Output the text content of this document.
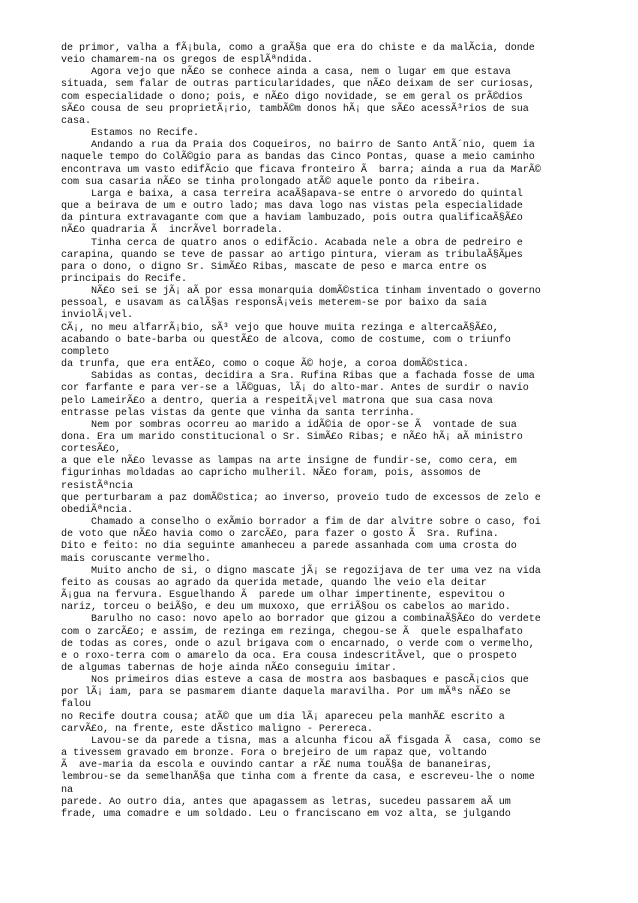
de primor, valha a fÃ¡bula, como a graÃ§a que era do chiste e da malÃcia, donde
veio chamarem-na os gregos de esplÃªndida.
Agora vejo que nÃ£o se conhece ainda a casa, nem o lugar em que estava
situada, sem falar de outras particularidades, que nÃ£o deixam de ser curiosas,
com especialidade o dono; pois, e nÃ£o digo novidade, se em geral os prÃ©dios
sÃ£o cousa de seu proprietÃ¡rio, tambÃ©m donos hÃ¡ que sÃ£o acessÃ³rios de sua
casa.
Estamos no Recife.
Andando a rua da Praia dos Coqueiros, no bairro de Santo AntÃ´nio, quem ia
naquele tempo do ColÃ©gio para as bandas das Cinco Pontas, quase a meio caminho
encontrava um vasto edifÃcio que ficava fronteiro Ã  barra; ainda a rua da MarÃ©
com sua casaria nÃ£o se tinha prolongado atÃ© aquele ponto da ribeira.
Larga e baixa, a casa terreira acaÃ§apava-se entre o arvoredo do quintal
que a beirava de um e outro lado; mas dava logo nas vistas pela especialidade
da pintura extravagante com que a haviam lambuzado, pois outra qualificaÃ§Ã£o
nÃ£o quadraria Ã  incrÃvel borradela.
Tinha cerca de quatro anos o edifÃcio. Acabada nele a obra de pedreiro e
carapina, quando se teve de passar ao artigo pintura, vieram as tribulaÃ§Ãµes
para o dono, o digno Sr. SimÃ£o Ribas, mascate de peso e marca entre os
principais do Recife.
NÃ£o sei se jÃ¡ aÃ por essa monarquia domÃ©stica tinham inventado o governo
pessoal, e usavam as calÃ§as responsÃ¡veis meterem-se por baixo da saia
inviolÃ¡vel.
CÃ¡, no meu alfarrÃ¡bio, sÃ³ vejo que houve muita rezinga e altercaÃ§Ã£o,
acabando o bate-barba ou questÃ£o de alcova, como de costume, com o triunfo
completo
da trunfa, que era entÃ£o, como o coque Ã© hoje, a coroa domÃ©stica.
Sabidas as contas, decidira a Sra. Rufina Ribas que a fachada fosse de uma
cor farfante e para ver-se a lÃ©guas, lÃ¡ do alto-mar. Antes de surdir o navio
pelo LameirÃ£o a dentro, queria a respeitÃ¡vel matrona que sua casa nova
entrasse pelas vistas da gente que vinha da santa terrinha.
Nem por sombras ocorreu ao marido a idÃ©ia de opor-se Ã  vontade de sua
dona. Era um marido constitucional o Sr. SimÃ£o Ribas; e nÃ£o hÃ¡ aÃ ministro
cortesÃ£o,
a que ele nÃ£o levasse as lampas na arte insigne de fundir-se, como cera, em
figurinhas moldadas ao capricho mulheril. NÃ£o foram, pois, assomos de
resistÃªncia
que perturbaram a paz domÃ©stica; ao inverso, proveio tudo de excessos de zelo e
obediÃªncia.
Chamado a conselho o exÃmio borrador a fim de dar alvitre sobre o caso, foi
de voto que nÃ£o havia como o zarcÃ£o, para fazer o gosto Ã  Sra. Rufina.
Dito e feito: no dia seguinte amanheceu a parede assanhada com uma crosta do
mais coruscante vermelho.
Muito ancho de si, o digno mascate jÃ¡ se regozijava de ter uma vez na vida
feito as cousas ao agrado da querida metade, quando lhe veio ela deitar
Ã¡gua na fervura. Esguelhando Ã  parede um olhar impertinente, espevitou o
nariz, torceu o beiÃ§o, e deu um muxoxo, que erriÃ§ou os cabelos ao marido.
Barulho no caso: novo apelo ao borrador que gizou a combinaÃ§Ã£o do verdete
com o zarcÃ£o; e assim, de rezinga em rezinga, chegou-se Ã  quele espalhafato
de todas as cores, onde o azul brigava com o encarnado, o verde com o vermelho,
e o roxo-terra com o amarelo da oca. Era cousa indescritÃvel, que o prospeto
de algumas tabernas de hoje ainda nÃ£o conseguiu imitar.
Nos primeiros dias esteve a casa de mostra aos basbaques e pascÃ¡cios que
por lÃ¡ iam, para se pasmarem diante daquela maravilha. Por um mÃªs nÃ£o se
falou
no Recife doutra cousa; atÃ© que um dia lÃ¡ apareceu pela manhÃ£ escrito a
carvÃ£o, na frente, este dÃstico maligno - Perereca.
Lavou-se da parede a tisna, mas a alcunha ficou aÃ fisgada Ã  casa, como se
a tivessem gravado em bronze. Fora o brejeiro de um rapaz que, voltando
Ã  ave-maria da escola e ouvindo cantar a rÃ£ numa touÃ§a de bananeiras,
lembrou-se da semelhanÃ§a que tinha com a frente da casa, e escreveu-lhe o nome
na
parede. Ao outro dia, antes que apagassem as letras, sucedeu passarem aÃ um
frade, uma comadre e um soldado. Leu o franciscano em voz alta, se julgando
